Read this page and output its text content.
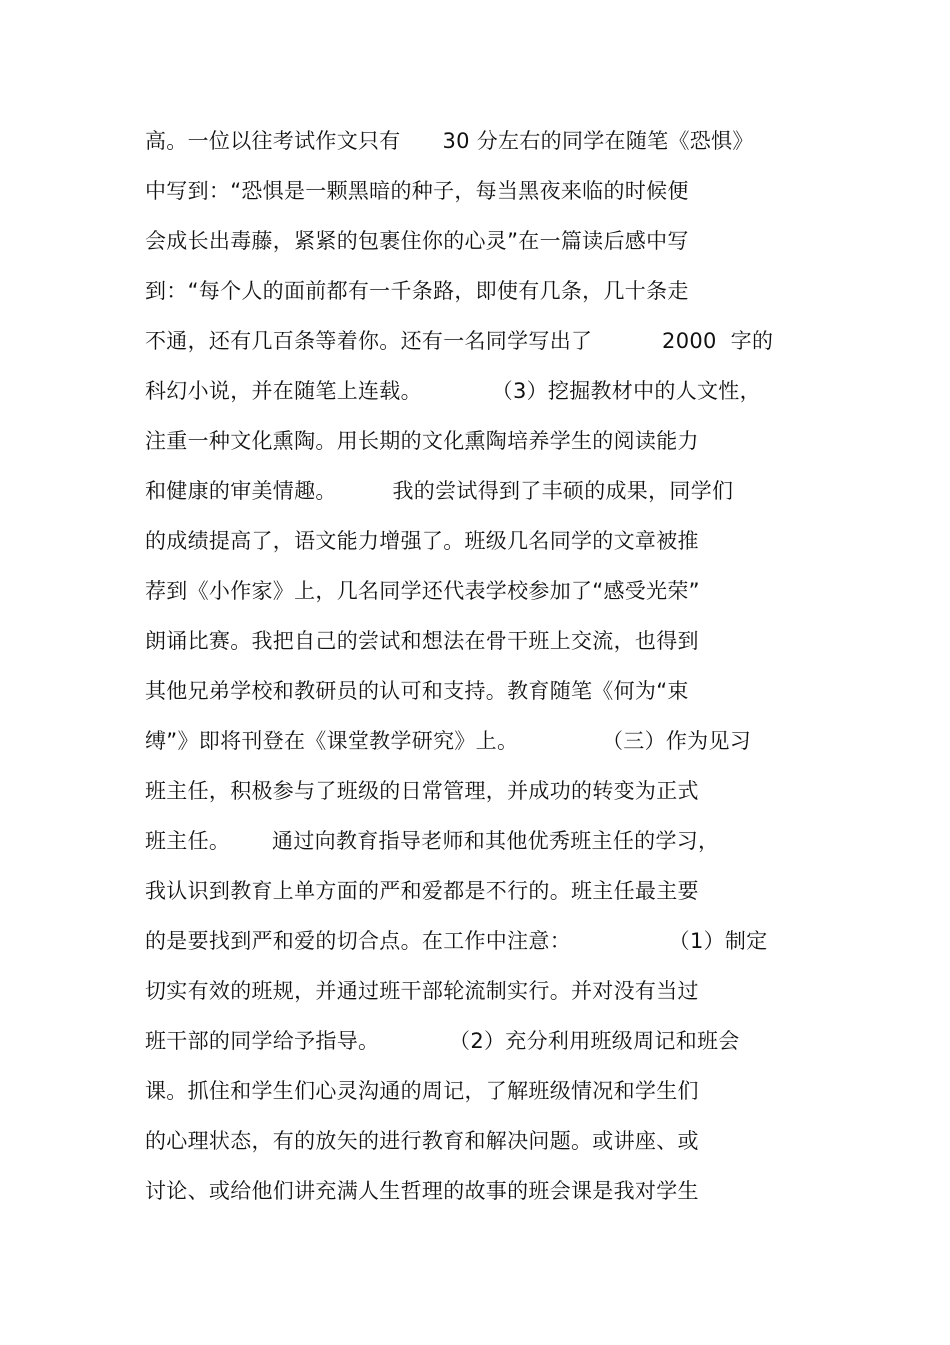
高。一位以往考试作文只有      30 分左右的同学在随笔《恐惧》
中写到：“恐惧是一颗黑暗的种子，每当黑夜来临的时候便
会成长出毒藤，紧紧的包裹住你的心灵”在一篇读后感中写
到：“每个人的面前都有一千条路，即使有几条，几十条走
不通，还有几百条等着你。还有一名同学写出了          2000  字的
科幻小说，并在随笔上连载。          （3）挖掘教材中的人文性，
注重一种文化熏陶。用长期的文化熏陶培养学生的阅读能力
和健康的审美情趣。        我的尝试得到了丰硕的成果，同学们
的成绩提高了，语文能力增强了。班级几名同学的文章被推
荐到《小作家》上，几名同学还代表学校参加了“感受光荣”
朗诵比赛。我把自己的尝试和想法在骨干班上交流，也得到
其他兄弟学校和教研员的认可和支持。教育随笔《何为“束
缚”》即将刊登在《课堂教学研究》上。            （三）作为见习
班主任，积极参与了班级的日常管理，并成功的转变为正式
班主任。      通过向教育指导老师和其他优秀班主任的学习，
我认识到教育上单方面的严和爱都是不行的。班主任最主要
的是要找到严和爱的切合点。在工作中注意：              （1）制定
切实有效的班规，并通过班干部轮流制实行。并对没有当过
班干部的同学给予指导。          （2）充分利用班级周记和班会
课。抓住和学生们心灵沟通的周记，了解班级情况和学生们
的心理状态，有的放矢的进行教育和解决问题。或讲座、或
讨论、或给他们讲充满人生哲理的故事的班会课是我对学生
